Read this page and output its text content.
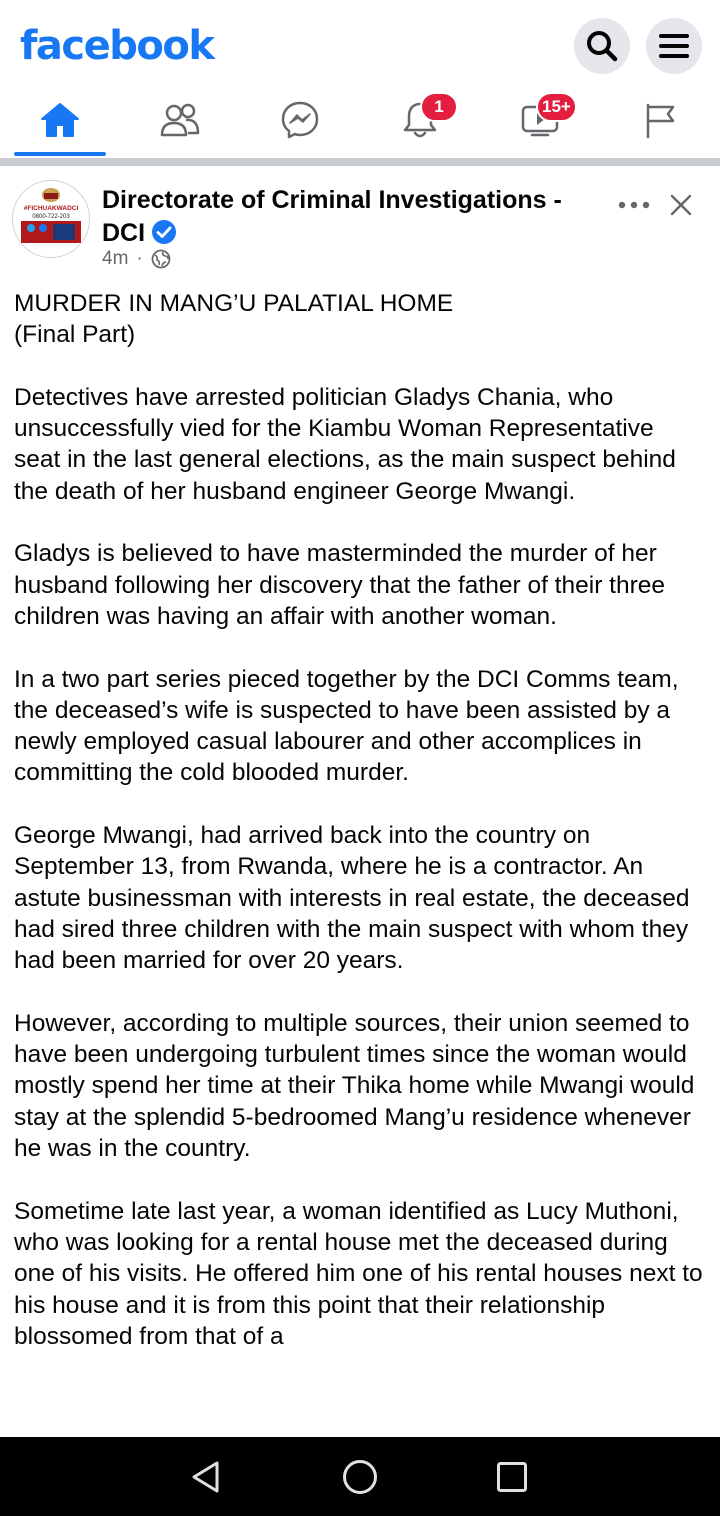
facebook
1	15+
#FICHUAKWADCI
0800-722-203
Directorate of Criminal Investigations - DCI
4m ·

MURDER IN MANG’U PALATIAL HOME
(Final Part)

Detectives have arrested politician Gladys Chania, who unsuccessfully vied for the Kiambu Woman Representative seat in the last general elections, as the main suspect behind the death of her husband engineer George Mwangi.

Gladys is believed to have masterminded the murder of her husband following her discovery that the father of their three children was having an affair with another woman.

In a two part series pieced together by the DCI Comms team, the deceased’s wife is suspected to have been assisted by a newly employed casual labourer and other accomplices in committing the cold blooded murder.

George Mwangi, had arrived back into the country on September 13, from Rwanda, where he is a contractor. An astute businessman with interests in real estate, the deceased had sired three children with the main suspect with whom they had been married for over 20 years.

However, according to multiple sources, their union seemed to have been undergoing turbulent times since the woman would mostly spend her time at their Thika home while Mwangi would stay at the splendid 5-bedroomed Mang’u residence whenever he was in the country.

Sometime late last year, a woman identified as Lucy Muthoni, who was looking for a rental house met the deceased during one of his visits. He offered him one of his rental houses next to his house and it is from this point that their relationship blossomed from that of a
